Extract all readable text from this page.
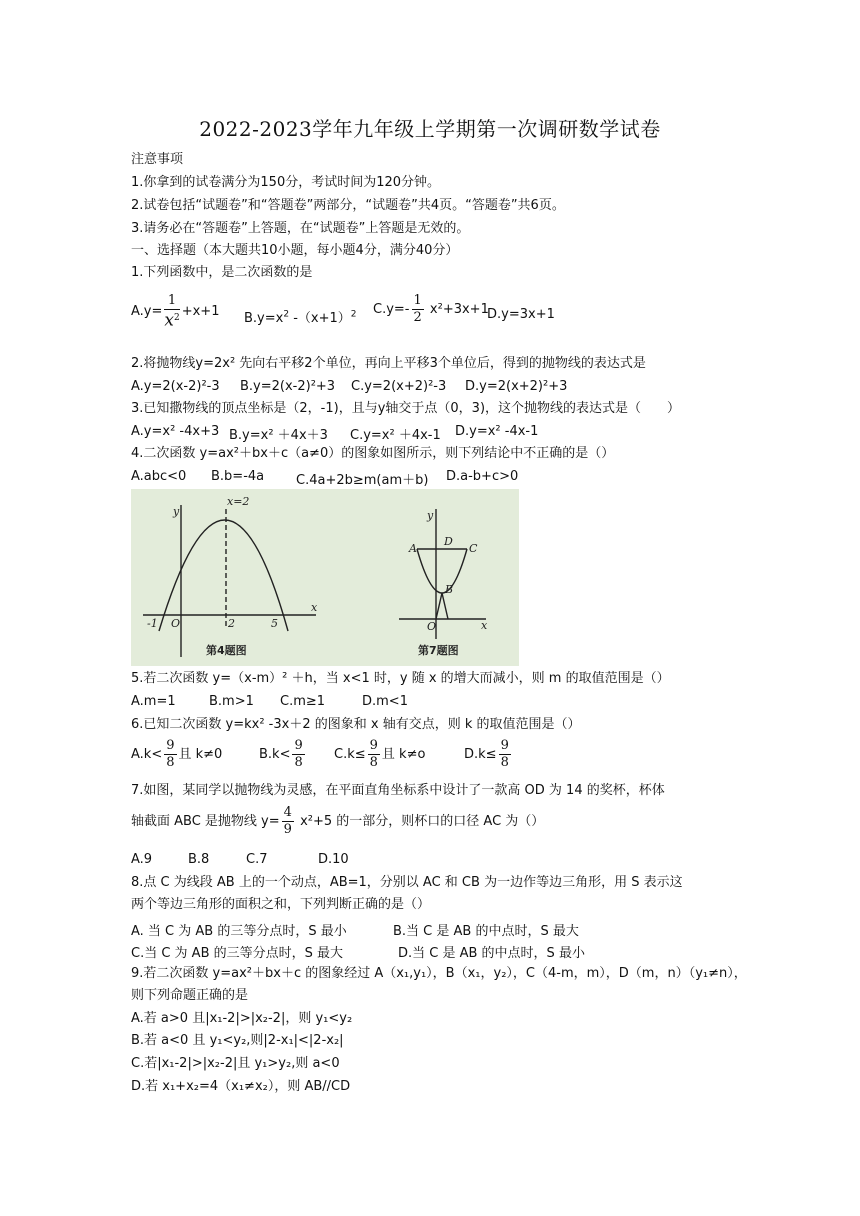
2022-2023学年九年级上学期第一次调研数学试卷
注意事项
1.你拿到的试卷满分为150分，考试时间为120分钟。
2.试卷包括“试题卷”和“答题卷”两部分，“试题卷”共4页。“答题卷”共6页。
3.请务必在“答题卷”上答题，在“试题卷”上答题是无效的。
一、选择题（本大题共10小题，每小题4分，满分40分）
1.下列函数中，是二次函数的是
$A.y= \frac{1}{x^2} +x+1$ $B.y=x^2$ $-(x+1)^2$ $C.y=- \frac{1}{2} x^2+3x+1$
D.y=3x+1
2.将抛物线y=2x² 先向右平移2个单位，再向上平移3个单位后，得到的抛物线的表达式是
A.y=2(x-2)²-3 B.y=2(x-2)²+3 C.y=2(x+2)²-3 D.y=2(x+2)²+3
3.已知撒物线的顶点坐标是（2，-1)，且与y轴交于点（0，3)，这个抛物线的表达式是（　　）
A.y=x² -4x+3 B.y=x² ＋4x＋3 C.y=x² ＋4x-1 D.y=x² -4x-1
4.二次函数 y=ax²＋bx＋c（a≠0）的图象如图所示，则下列结论中不正确的是（）
A.abc<0 B.b=-4a C.4a+2b≥m(am＋b) D.a-b+c>0
y
x
O
x=2
-1	2	5
y
x
O
A
D
C
B
第4题图	第7题图
5.若二次函数 y=（x-m）² ＋h，当 x<1 时，y 随 x 的增大而减小，则 m 的取值范围是（）
A.m=1	B.m>1 C.m≥1	D.m<1
6.已知二次函数 y=kx² -3x＋2 的图象和 x 轴有交点，则 k 的取值范围是（）
$A.k< \frac{9}{8}$ 且 k≠0	$B.k< \frac{9}{8} C.k\le \frac{9}{8}$ 且 k≠o	$D.k\le \frac{9}{8}$
7.如图，某同学以抛物线为灵感，在平面直角坐标系中设计了一款高 OD 为 14 的奖杯，杯体
轴截面 ABC 是抛物线 $y= \frac{4}{9} x^2+5$ 的一部分，则杯口的口径 AC 为（）
A.9	B.8	C.7	D.10
8.点 C 为线段 AB 上的一个动点，AB=1，分别以 AC 和 CB 为一边作等边三角形，用 S 表示这
两个等边三角形的面积之和，下列判断正确的是（）
A. 当 C 为 AB 的三等分点时，S 最小	B.当 C 是 AB 的中点时，S 最大
C.当 C 为 AB 的三等分点时，S 最大	D.当 C 是 AB 的中点时，S 最小
9.若二次函数 y=ax²＋bx＋c 的图象经过 A（x₁,y₁），B（x₁，y₂），C（4-m，m），D（m，n）（y₁≠n），
则下列命题正确的是
A.若 a>0 且|x₁-2|>|x₂-2|，则 y₁<y₂
B.若 a<0 且 y₁<y₂,则|2-x₁|<|2-x₂|
C.若|x₁-2|>|x₂-2|且 y₁>y₂,则 a<0
D.若 x₁+x₂=4（x₁≠x₂），则 AB//CD
